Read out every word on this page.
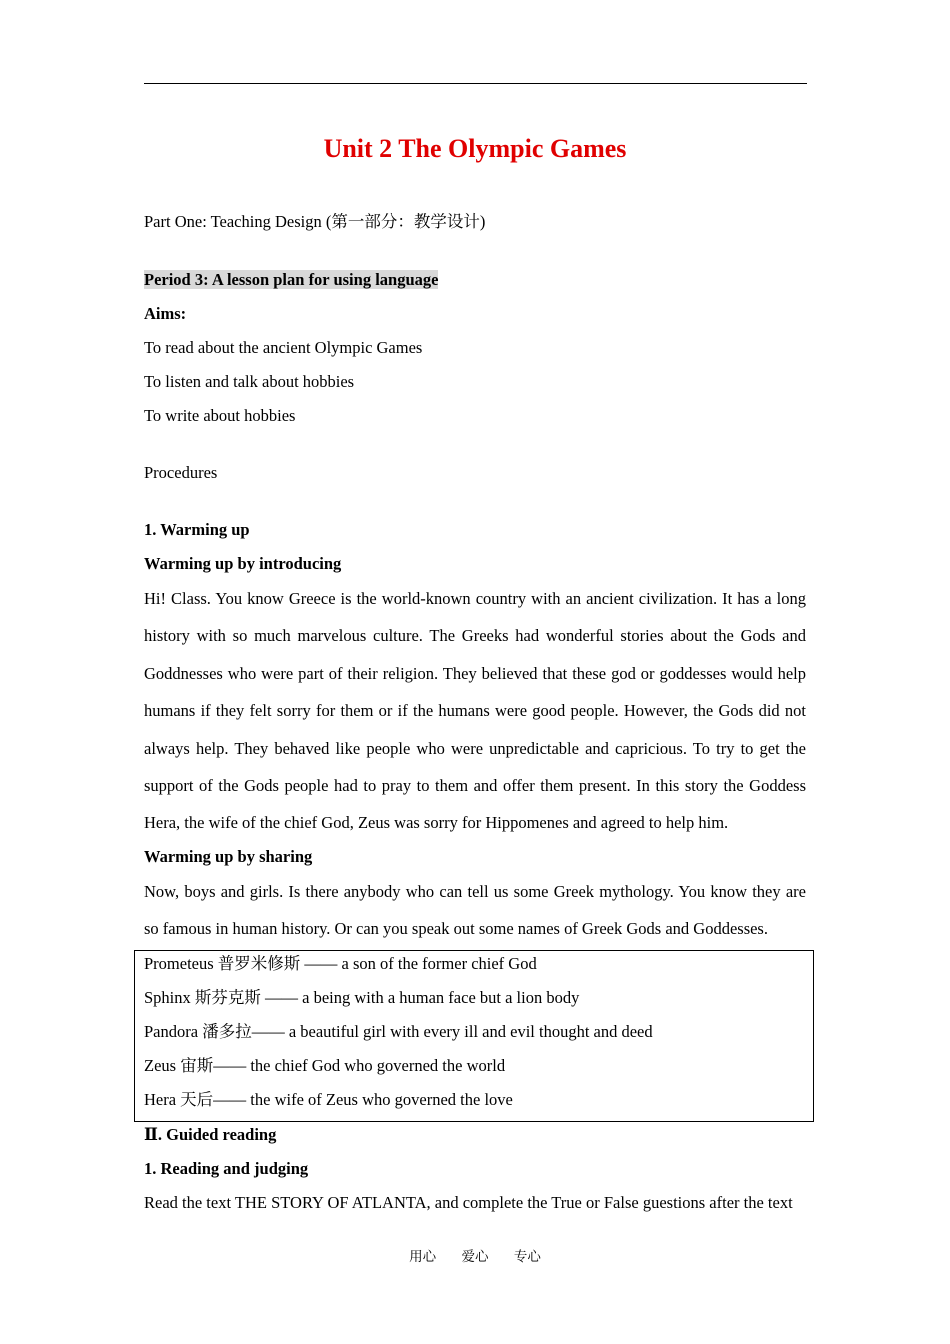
Unit 2 The Olympic Games
Part One: Teaching Design (第一部分：教学设计)
Period 3: A lesson plan for using language
Aims:
To read about the ancient Olympic Games
To listen and talk about hobbies
To write about hobbies
Procedures
1. Warming up
Warming up by introducing
Hi! Class. You know Greece is the world-known country with an ancient civilization. It has a long history with so much marvelous culture. The Greeks had wonderful stories about the Gods and Goddnesses who were part of their religion. They believed that these god or goddesses would help humans if they felt sorry for them or if the humans were good people. However, the Gods did not always help. They behaved like people who were unpredictable and capricious. To try to get the support of the Gods people had to pray to them and offer them present. In this story the Goddess Hera, the wife of the chief God, Zeus was sorry for Hippomenes and agreed to help him.
Warming up by sharing
Now, boys and girls. Is there anybody who can tell us some Greek mythology. You know they are so famous in human history. Or can you speak out some names of Greek Gods and Goddesses.
Prometeus 普罗米修斯 —— a son of the former chief God
Sphinx 斯芬克斯 —— a being with a human face but a lion body
Pandora 潘多拉—— a beautiful girl with every ill and evil thought and deed
Zeus 宙斯—— the chief God who governed the world
Hera 天后—— the wife of Zeus who governed the love
Ⅱ. Guided reading
1. Reading and judging
Read the text THE STORY OF ATLANTA, and complete the True or False guestions after the text
用心 爱心 专心
